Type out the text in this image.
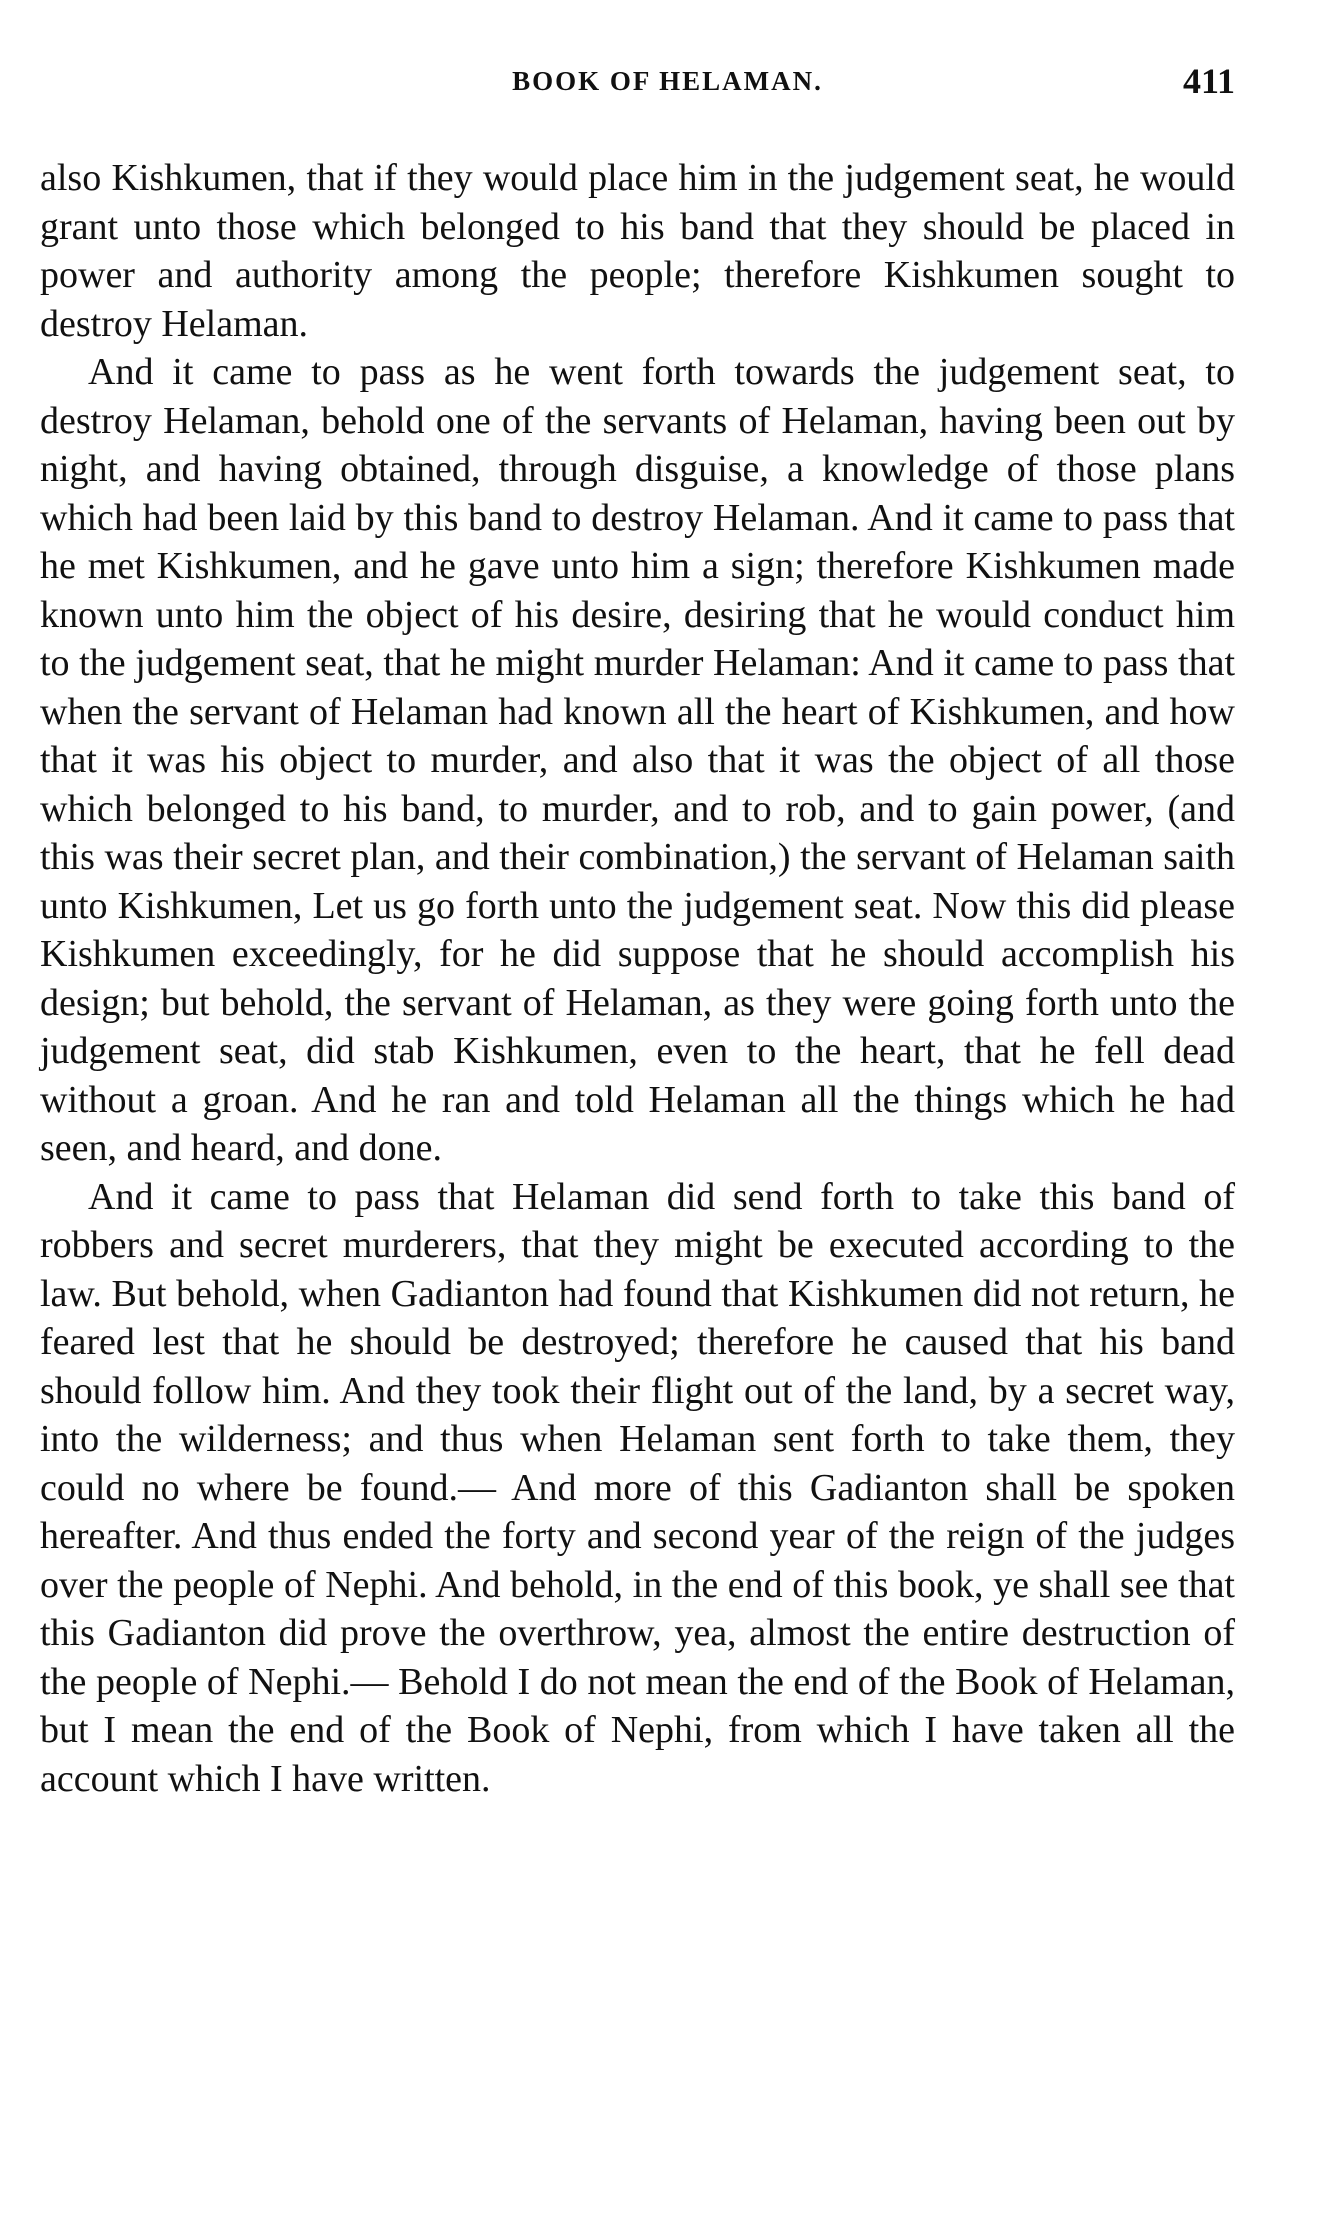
BOOK OF HELAMAN.	411

also Kishkumen, that if they would place him in the judgement seat, he would grant unto those which belonged to his band that they should be placed in power and authority among the people; therefore Kishkumen sought to destroy Helaman.

And it came to pass as he went forth towards the judgement seat, to destroy Helaman, behold one of the servants of Helaman, having been out by night, and having obtained, through disguise, a knowledge of those plans which had been laid by this band to destroy Helaman. And it came to pass that he met Kishkumen, and he gave unto him a sign; therefore Kishkumen made known unto him the object of his desire, desiring that he would conduct him to the judgement seat, that he might murder Helaman: And it came to pass that when the servant of Helaman had known all the heart of Kishkumen, and how that it was his object to murder, and also that it was the object of all those which belonged to his band, to murder, and to rob, and to gain power, (and this was their secret plan, and their combination,) the servant of Helaman saith unto Kishkumen, Let us go forth unto the judgement seat. Now this did please Kishkumen exceedingly, for he did suppose that he should accomplish his design; but behold, the servant of Helaman, as they were going forth unto the judgement seat, did stab Kishkumen, even to the heart, that he fell dead without a groan. And he ran and told Helaman all the things which he had seen, and heard, and done.

And it came to pass that Helaman did send forth to take this band of robbers and secret murderers, that they might be executed according to the law. But behold, when Gadianton had found that Kishkumen did not return, he feared lest that he should be destroyed; therefore he caused that his band should follow him. And they took their flight out of the land, by a secret way, into the wilderness; and thus when Helaman sent forth to take them, they could no where be found.— And more of this Gadianton shall be spoken hereafter. And thus ended the forty and second year of the reign of the judges over the people of Nephi. And behold, in the end of this book, ye shall see that this Gadianton did prove the overthrow, yea, almost the entire destruction of the people of Nephi.— Behold I do not mean the end of the Book of Helaman, but I mean the end of the Book of Nephi, from which I have taken all the account which I have written.
